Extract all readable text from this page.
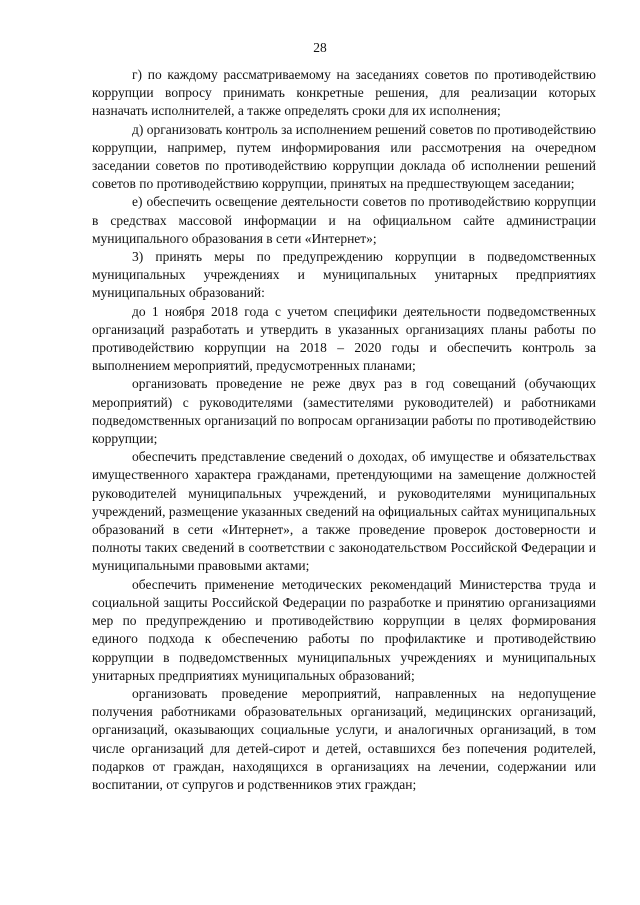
28

г) по каждому рассматриваемому на заседаниях советов по противодействию коррупции вопросу принимать конкретные решения, для реализации которых назначать исполнителей, а также определять сроки для их исполнения;

д) организовать контроль за исполнением решений советов по противодействию коррупции, например, путем информирования или рассмотрения на очередном заседании советов по противодействию коррупции доклада об исполнении решений советов по противодействию коррупции, принятых на предшествующем заседании;

е) обеспечить освещение деятельности советов по противодействию коррупции в средствах массовой информации и на официальном сайте администрации муниципального образования в сети «Интернет»;

3) принять меры по предупреждению коррупции в подведомственных муниципальных учреждениях и муниципальных унитарных предприятиях муниципальных образований:

до 1 ноября 2018 года с учетом специфики деятельности подведомственных организаций разработать и утвердить в указанных организациях планы работы по противодействию коррупции на 2018 – 2020 годы и обеспечить контроль за выполнением мероприятий, предусмотренных планами;

организовать проведение не реже двух раз в год совещаний (обучающих мероприятий) с руководителями (заместителями руководителей) и работниками подведомственных организаций по вопросам организации работы по противодействию коррупции;

обеспечить представление сведений о доходах, об имуществе и обязательствах имущественного характера гражданами, претендующими на замещение должностей руководителей муниципальных учреждений, и руководителями муниципальных учреждений, размещение указанных сведений на официальных сайтах муниципальных образований в сети «Интернет», а также проведение проверок достоверности и полноты таких сведений в соответствии с законодательством Российской Федерации и муниципальными правовыми актами;

обеспечить применение методических рекомендаций Министерства труда и социальной защиты Российской Федерации по разработке и принятию организациями мер по предупреждению и противодействию коррупции в целях формирования единого подхода к обеспечению работы по профилактике и противодействию коррупции в подведомственных муниципальных учреждениях и муниципальных унитарных предприятиях муниципальных образований;

организовать проведение мероприятий, направленных на недопущение получения работниками образовательных организаций, медицинских организаций, организаций, оказывающих социальные услуги, и аналогичных организаций, в том числе организаций для детей-сирот и детей, оставшихся без попечения родителей, подарков от граждан, находящихся в организациях на лечении, содержании или воспитании, от супругов и родственников этих граждан;
